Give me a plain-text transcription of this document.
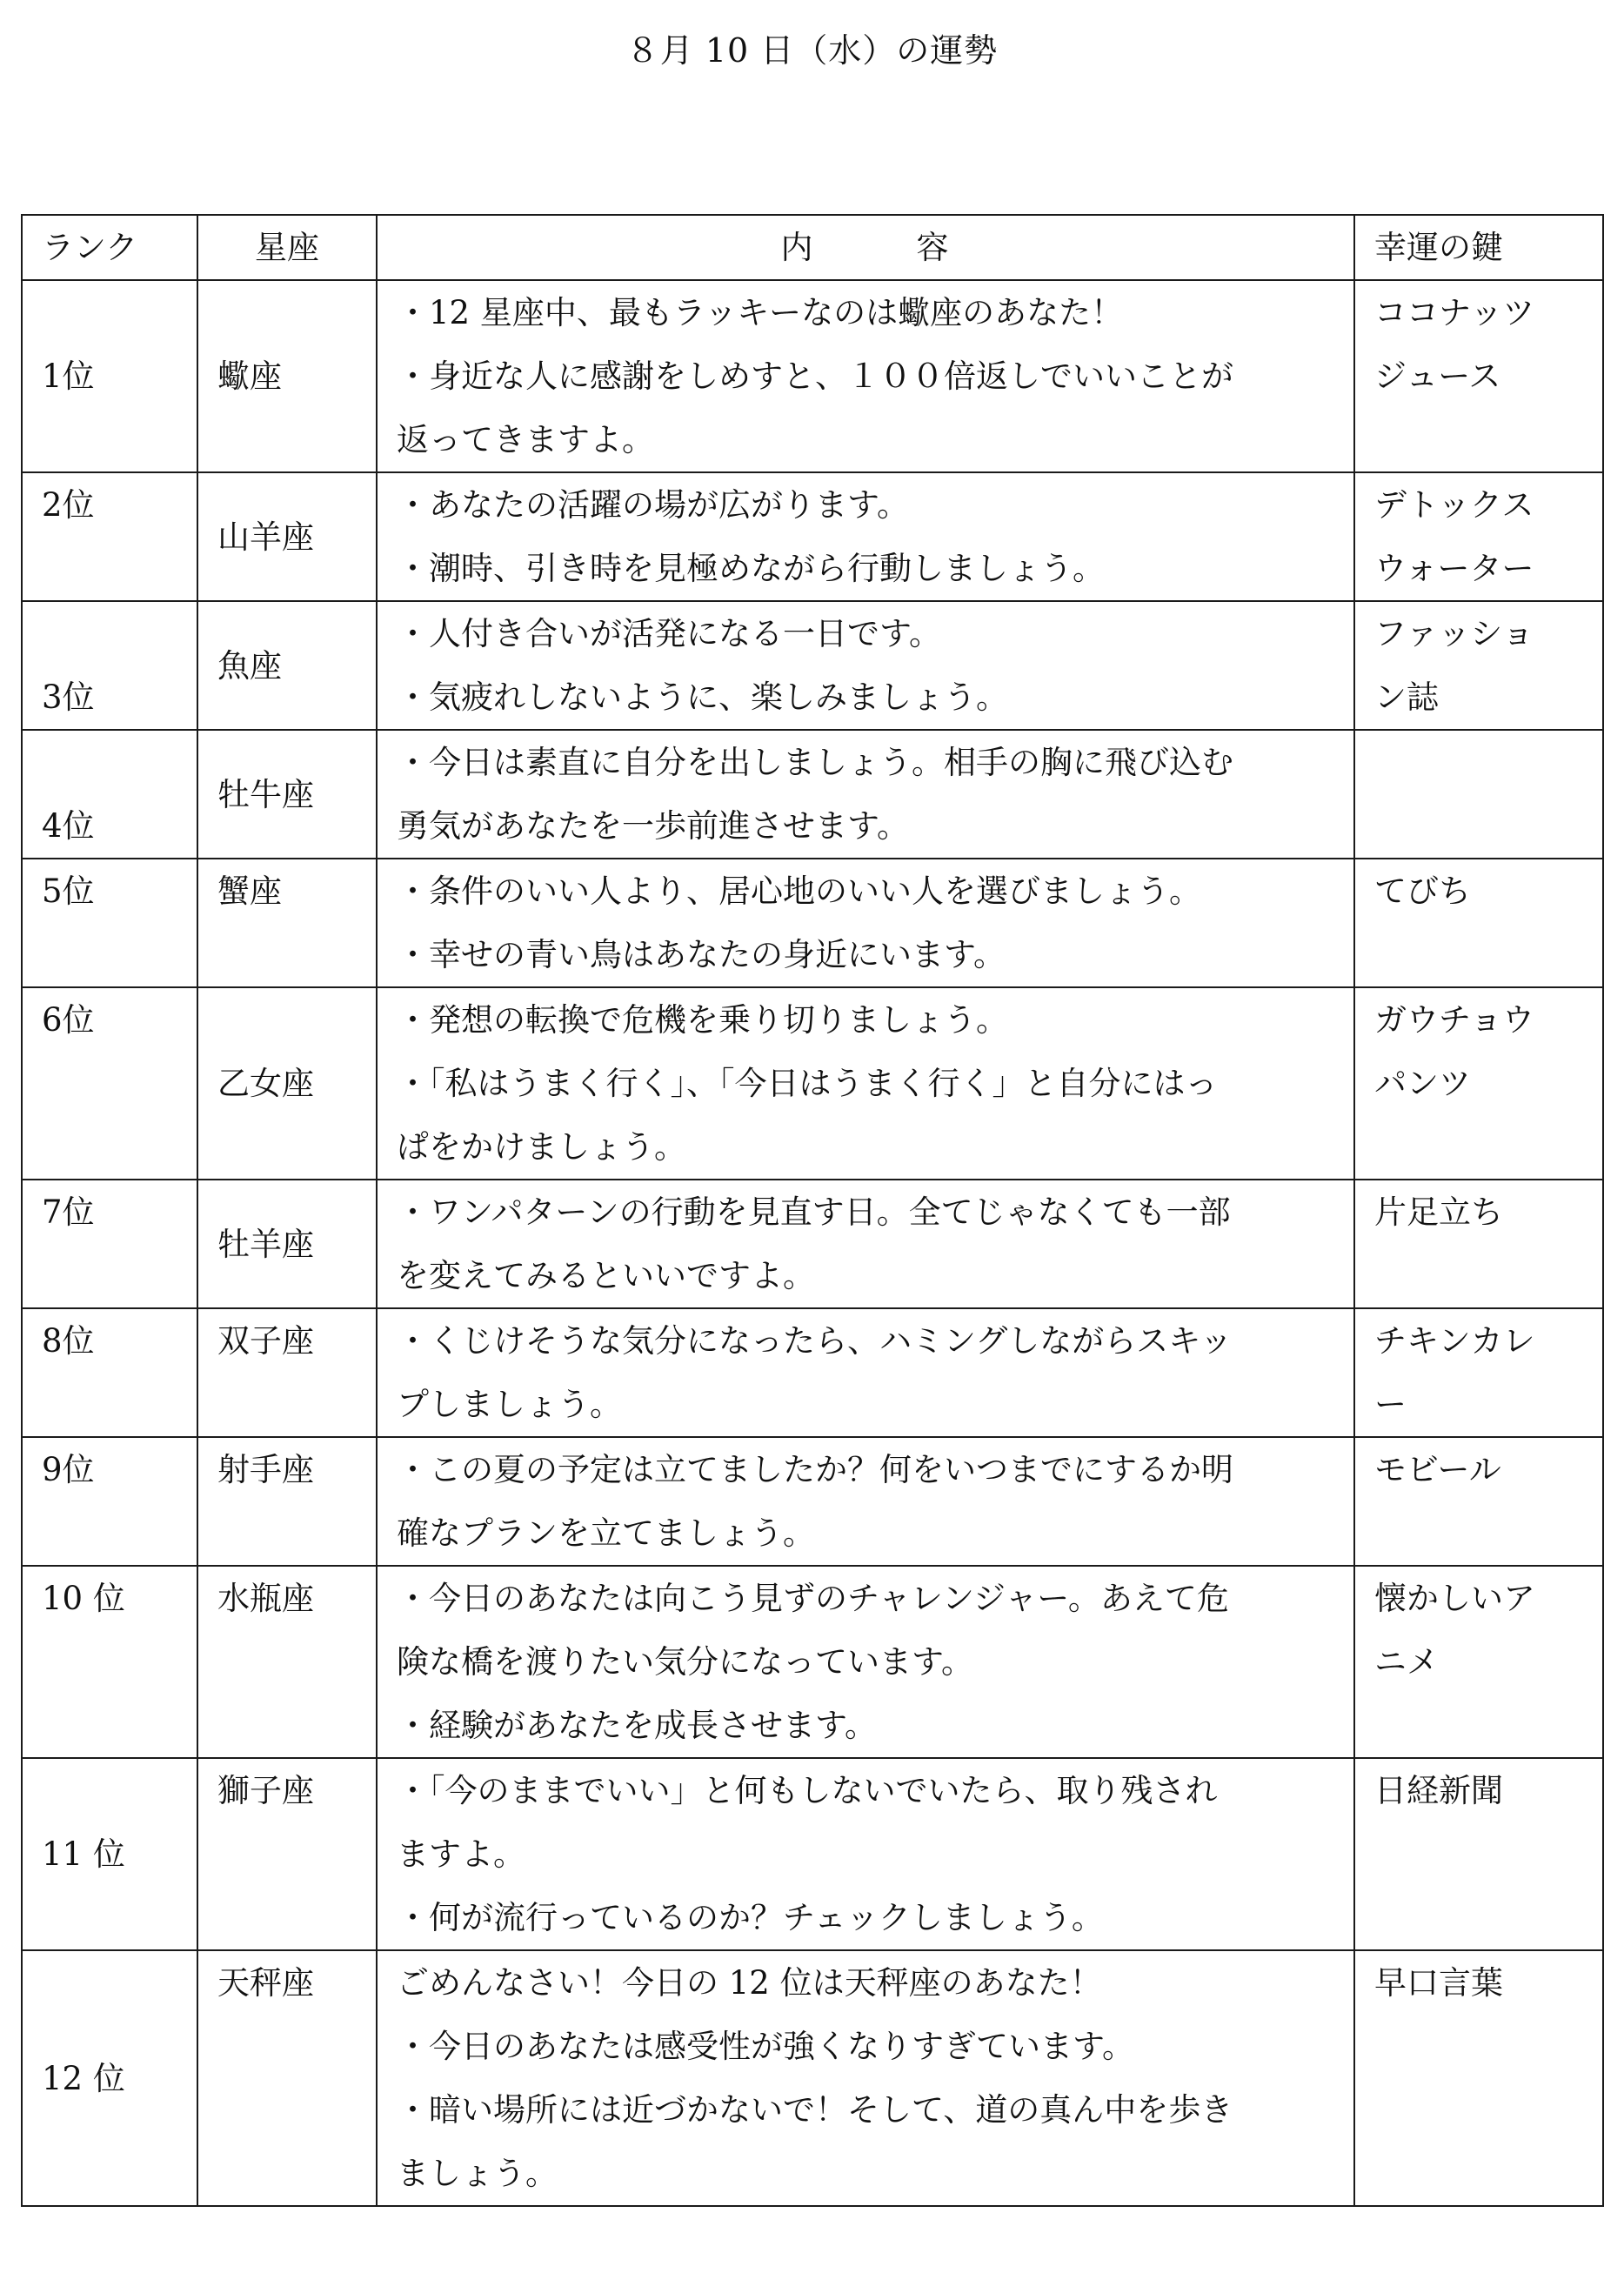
８月 10 日（水）の運勢
ランク	星座	内　　　容	幸運の鍵
1位	蠍座	・12 星座中、最もラッキーなのは蠍座のあなた！
・身近な人に感謝をしめすと、１００倍返しでいいことが
返ってきますよ。	ココナッツ
ジュース

2位	山羊座	・あなたの活躍の場が広がります。
・潮時、引き時を見極めながら行動しましょう。	デトックス
ウォーター

3位	魚座	・人付き合いが活発になる一日です。
・気疲れしないように、楽しみましょう。	ファッショ
ン誌

4位	牡牛座	・今日は素直に自分を出しましょう。相手の胸に飛び込む
勇気があなたを一歩前進させます。	

5位	蟹座	・条件のいい人より、居心地のいい人を選びましょう。
・幸せの青い鳥はあなたの身近にいます。	てびち

6位	乙女座	・発想の転換で危機を乗り切りましょう。
・「私はうまく行く」、「今日はうまく行く」と自分にはっ
ぱをかけましょう。	ガウチョウ
パンツ

7位	牡羊座	・ワンパターンの行動を見直す日。全てじゃなくても一部
を変えてみるといいですよ。	片足立ち

8位	双子座	・くじけそうな気分になったら、ハミングしながらスキッ
プしましょう。	チキンカレ
ー

9位	射手座	・この夏の予定は立てましたか？何をいつまでにするか明
確なプランを立てましょう。	モビール

10 位	水瓶座	・今日のあなたは向こう見ずのチャレンジャー。あえて危
険な橋を渡りたい気分になっています。
・経験があなたを成長させます。	懐かしいア
ニメ

11 位	獅子座	・「今のままでいい」と何もしないでいたら、取り残され
ますよ。
・何が流行っているのか？チェックしましょう。	日経新聞

12 位	天秤座	ごめんなさい！今日の 12 位は天秤座のあなた！
・今日のあなたは感受性が強くなりすぎています。
・暗い場所には近づかないで！そして、道の真ん中を歩き
ましょう。	早口言葉
